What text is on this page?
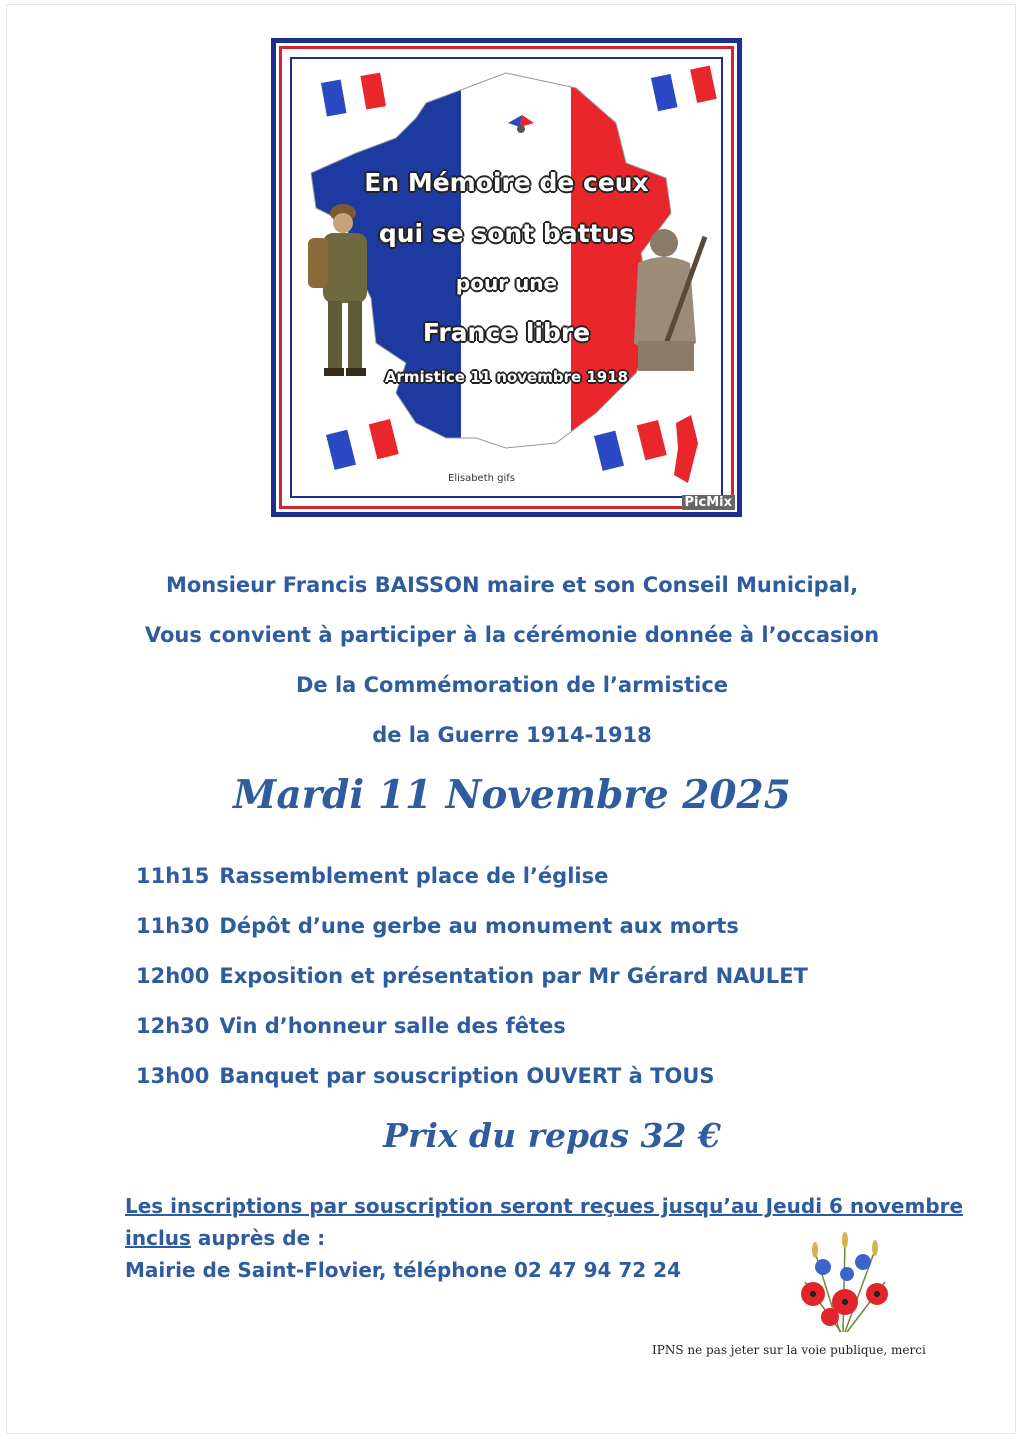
En Mémoire de ceux
qui se sont battus
pour une
France libre
Armistice 11 novembre 1918
Elisabeth gifs
PicMix
Monsieur Francis BAISSON maire et son Conseil Municipal,
Vous convient à participer à la cérémonie donnée à l’occasion
De la Commémoration de l’armistice
de la Guerre 1914-1918
Mardi 11 Novembre 2025
11h15 Rassemblement place de l’église
11h30 Dépôt d’une gerbe au monument aux morts
12h00 Exposition et présentation par Mr Gérard NAULET
12h30 Vin d’honneur salle des fêtes
13h00 Banquet par souscription OUVERT à TOUS
Prix du repas 32 €
Les inscriptions par souscription seront reçues jusqu’au Jeudi 6 novembre
inclus auprès de :
Mairie de Saint-Flovier, téléphone 02 47 94 72 24
IPNS ne pas jeter sur la voie publique, merci
